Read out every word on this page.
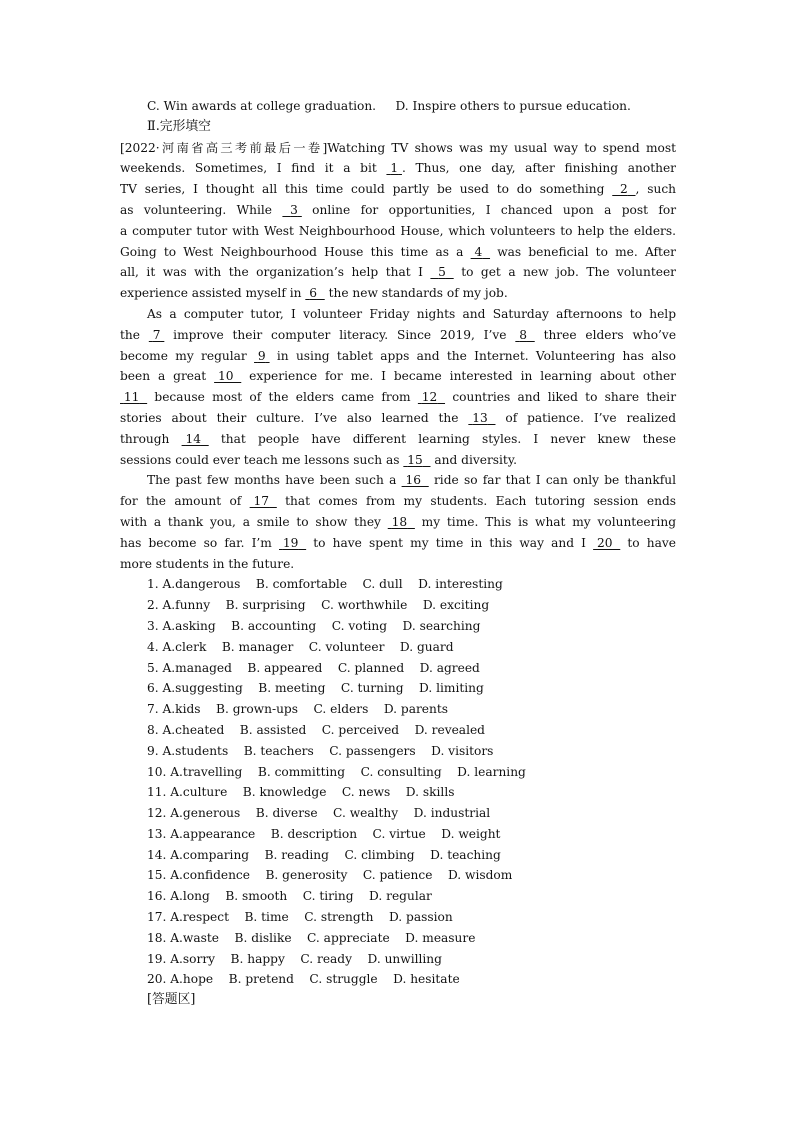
C. Win awards at college graduation. D. Inspire others to pursue education.
Ⅱ.完形填空
[2022·河南省高三考前最后一卷]Watching TV shows was my usual way to spend most
weekends. Sometimes, I find it a bit 1 . Thus, one day, after finishing another
TV series, I thought all this time could partly be used to do something 2 , such
as volunteering. While 3 online for opportunities, I chanced upon a post for
a computer tutor with West Neighbourhood House, which volunteers to help the elders.
Going to West Neighbourhood House this time as a 4 was beneficial to me. After
all, it was with the organization’s help that I 5 to get a new job. The volunteer
experience assisted myself in 6 the new standards of my job.
As a computer tutor, I volunteer Friday nights and Saturday afternoons to help
the 7 improve their computer literacy. Since 2019, I’ve 8 three elders who’ve
become my regular 9 in using tablet apps and the Internet. Volunteering has also
been a great 10 experience for me. I became interested in learning about other
11 because most of the elders came from 12 countries and liked to share their
stories about their culture. I’ve also learned the 13 of patience. I’ve realized
through 14 that people have different learning styles. I never knew these
sessions could ever teach me lessons such as 15 and diversity.
The past few months have been such a 16 ride so far that I can only be thankful
for the amount of 17 that comes from my students. Each tutoring session ends
with a thank you, a smile to show they 18 my time. This is what my volunteering
has become so far. I’m 19 to have spent my time in this way and I 20 to have
more students in the future.
1. A.dangerous    B. comfortable    C. dull    D. interesting
2. A.funny    B. surprising    C. worthwhile    D. exciting
3. A.asking    B. accounting    C. voting    D. searching
4. A.clerk    B. manager    C. volunteer    D. guard
5. A.managed    B. appeared    C. planned    D. agreed
6. A.suggesting    B. meeting    C. turning    D. limiting
7. A.kids    B. grown-ups    C. elders    D. parents
8. A.cheated    B. assisted    C. perceived    D. revealed
9. A.students    B. teachers    C. passengers    D. visitors
10. A.travelling    B. committing    C. consulting    D. learning
11. A.culture    B. knowledge    C. news    D. skills
12. A.generous    B. diverse    C. wealthy    D. industrial
13. A.appearance    B. description    C. virtue    D. weight
14. A.comparing    B. reading    C. climbing    D. teaching
15. A.confidence    B. generosity    C. patience    D. wisdom
16. A.long    B. smooth    C. tiring    D. regular
17. A.respect    B. time    C. strength    D. passion
18. A.waste    B. dislike    C. appreciate    D. measure
19. A.sorry    B. happy    C. ready    D. unwilling
20. A.hope    B. pretend    C. struggle    D. hesitate
[答题区]
